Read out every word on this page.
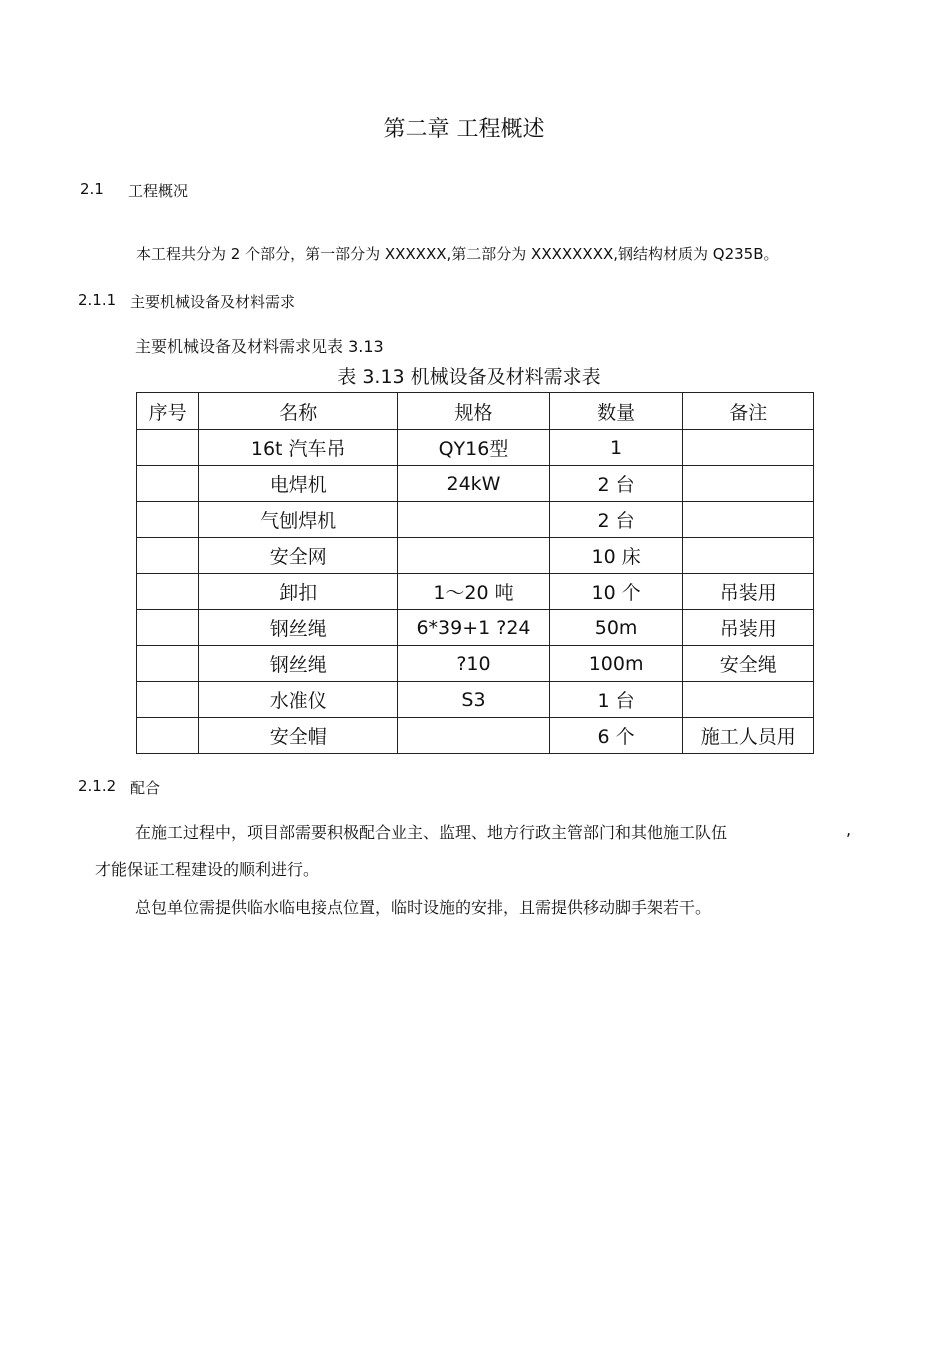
第二章 工程概述
2.1 工程概况
本工程共分为 2 个部分，第一部分为 XXXXXX,第二部分为 XXXXXXXX,钢结构材质为 Q235B。
2.1.1 主要机械设备及材料需求
主要机械设备及材料需求见表 3.13
表 3.13 机械设备及材料需求表
序号	名称	规格	数量	备注
	16t 汽车吊	QY16型	1	
	电焊机	24kW	2 台	
	气刨焊机		2 台	
	安全网		10 床	
	卸扣	1～20 吨	10 个	吊装用
	钢丝绳	6*39+1 ?24	50m	吊装用
	钢丝绳	?10	100m	安全绳
	水准仪	S3	1 台	
	安全帽		6 个	施工人员用
2.1.2 配合
在施工过程中，项目部需要积极配合业主、监理、地方行政主管部门和其他施工队伍	,
才能保证工程建设的顺利进行。
总包单位需提供临水临电接点位置，临时设施的安排，且需提供移动脚手架若干。
